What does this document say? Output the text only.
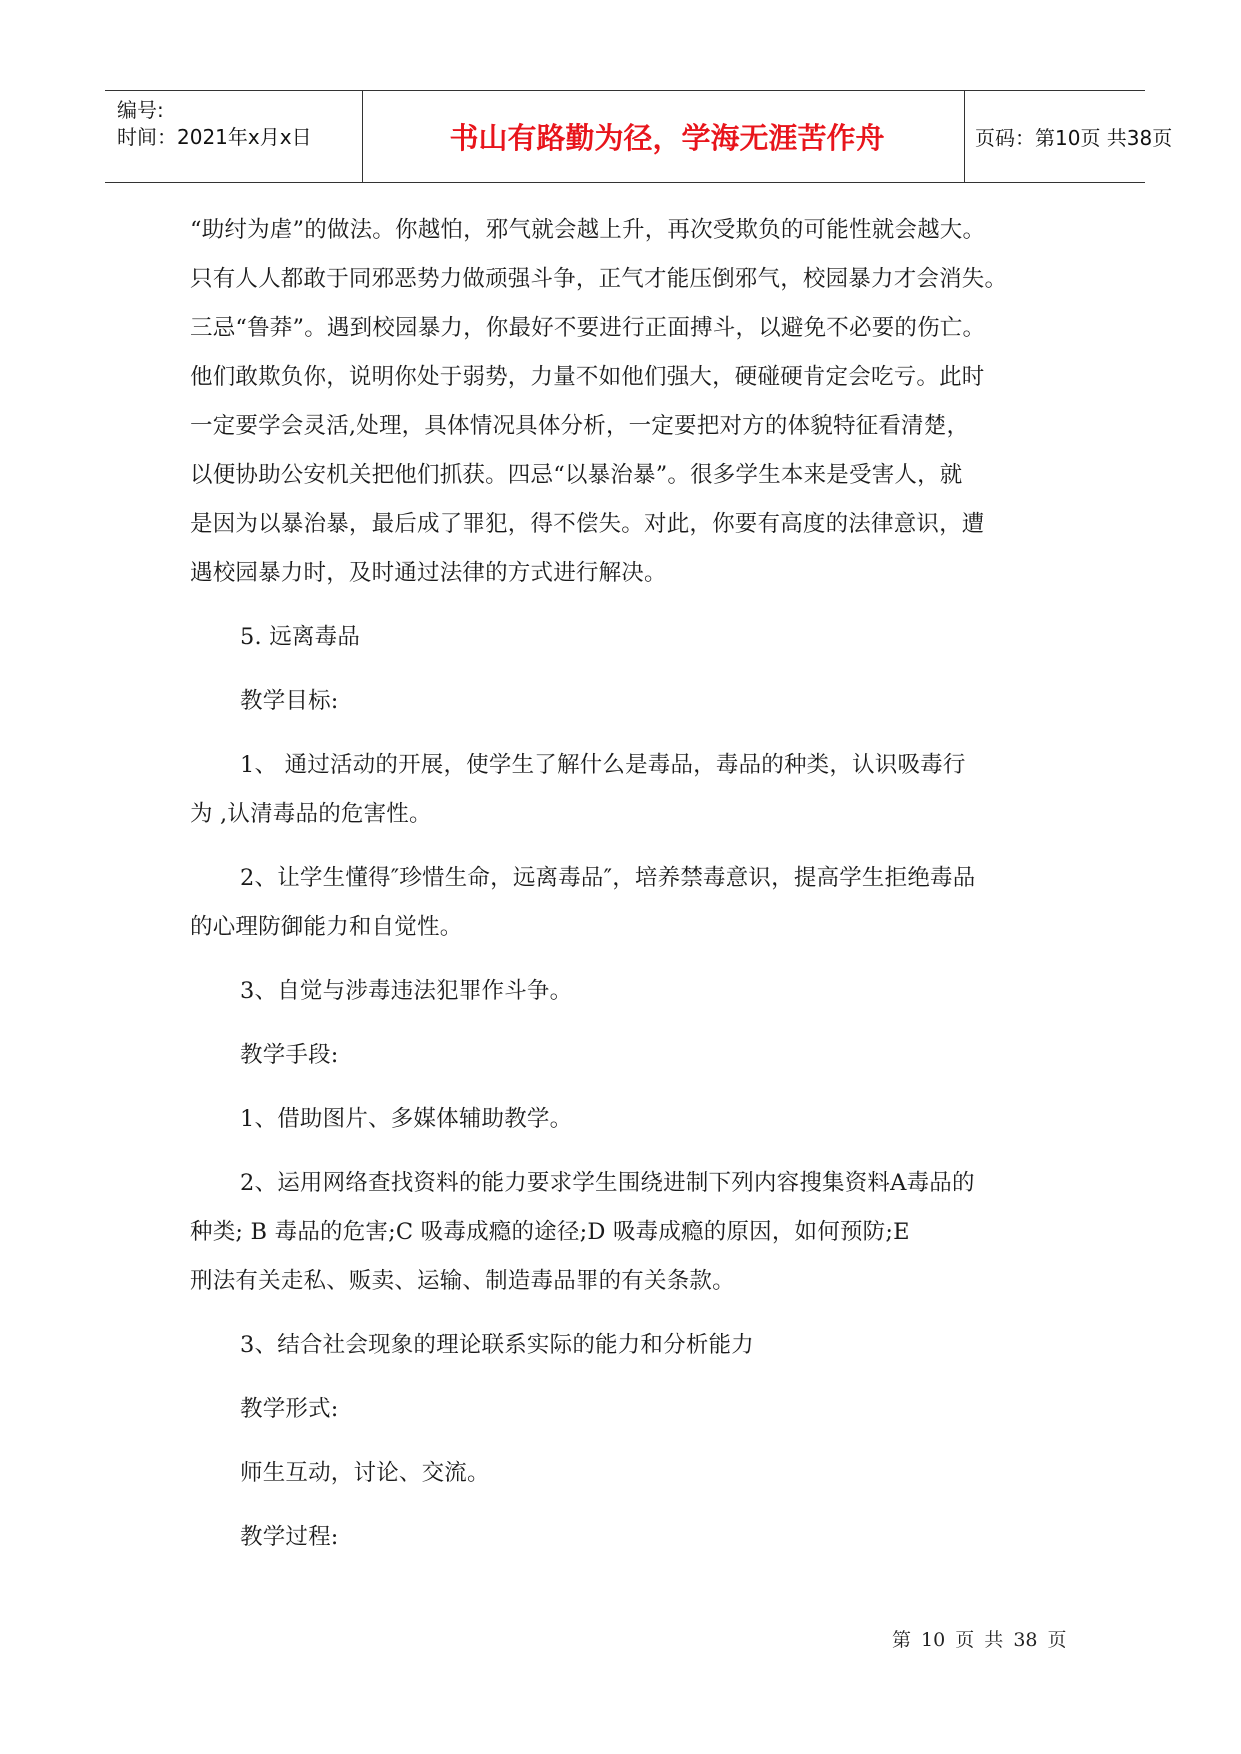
编号:
时间：2021年x月x日	书山有路勤为径，学海无涯苦作舟	页码：第10页 共38页

“助纣为虐”的做法。你越怕，邪气就会越上升，再次受欺负的可能性就会越大。

只有人人都敢于同邪恶势力做顽强斗争，正气才能压倒邪气，校园暴力才会消失。

三忌“鲁莽”。遇到校园暴力，你最好不要进行正面搏斗，以避免不必要的伤亡。

他们敢欺负你，说明你处于弱势，力量不如他们强大，硬碰硬肯定会吃亏。此时

一定要学会灵活,处理，具体情况具体分析，一定要把对方的体貌特征看清楚，

以便协助公安机关把他们抓获。四忌“以暴治暴”。很多学生本来是受害人，就

是因为以暴治暴，最后成了罪犯，得不偿失。对此，你要有高度的法律意识，遭

遇校园暴力时，及时通过法律的方式进行解决。

5. 远离毒品

教学目标:

1、 通过活动的开展，使学生了解什么是毒品，毒品的种类，认识吸毒行

为 ,认清毒品的危害性。

2、让学生懂得″珍惜生命，远离毒品″，培养禁毒意识，提高学生拒绝毒品

的心理防御能力和自觉性。

3、自觉与涉毒违法犯罪作斗争。

教学手段:

1、借助图片、多媒体辅助教学。

2、运用网络查找资料的能力要求学生围绕进制下列内容搜集资料A毒品的

种类; B 毒品的危害;C 吸毒成瘾的途径;D 吸毒成瘾的原因，如何预防;E

刑法有关走私、贩卖、运输、制造毒品罪的有关条款。

3、结合社会现象的理论联系实际的能力和分析能力

教学形式:

师生互动，讨论、交流。

教学过程:

第 10 页 共 38 页
